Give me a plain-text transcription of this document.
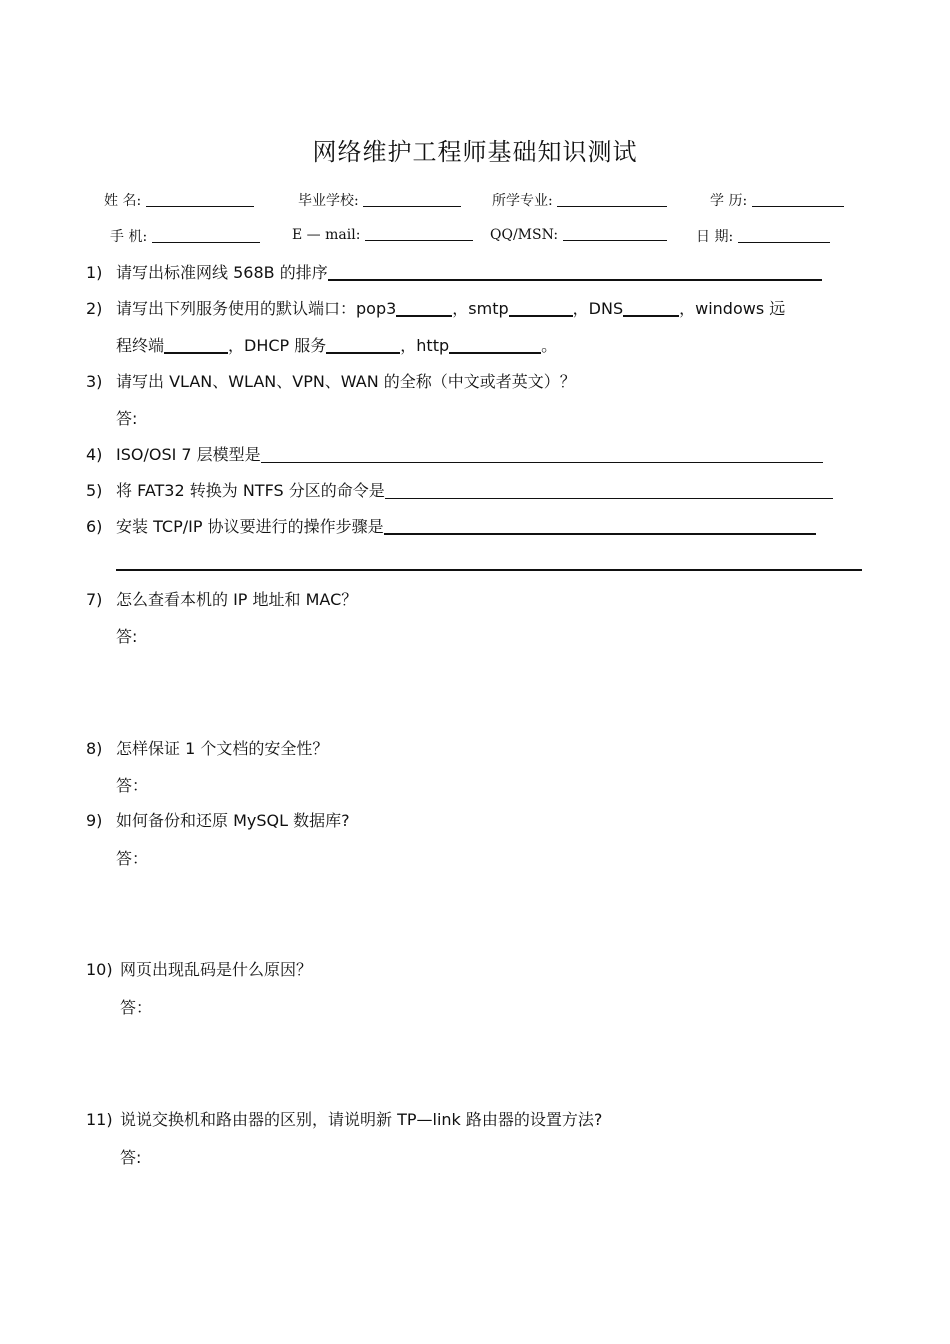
网络维护工程师基础知识测试
姓 名:	毕业学校:	所学专业:	学 历:
手 机:	E — mail:	QQ/MSN:	日 期:
1) 请写出标准网线 568B 的排序
2) 请写出下列服务使用的默认端口：pop3	，smtp	，DNS	，windows 远
程终端	，DHCP 服务	，http	。
3) 请写出 VLAN、WLAN、VPN、WAN 的全称（中文或者英文）？
答:
4) ISO/OSI 7 层模型是
5) 将 FAT32 转换为 NTFS 分区的命令是
6) 安装 TCP/IP 协议要进行的操作步骤是
7) 怎么查看本机的 IP 地址和 MAC？
答:
8) 怎样保证 1 个文档的安全性？
答：
9) 如何备份和还原 MySQL 数据库?
答：
10) 网页出现乱码是什么原因？
答：
11) 说说交换机和路由器的区别，请说明新 TP—link 路由器的设置方法?
答:
